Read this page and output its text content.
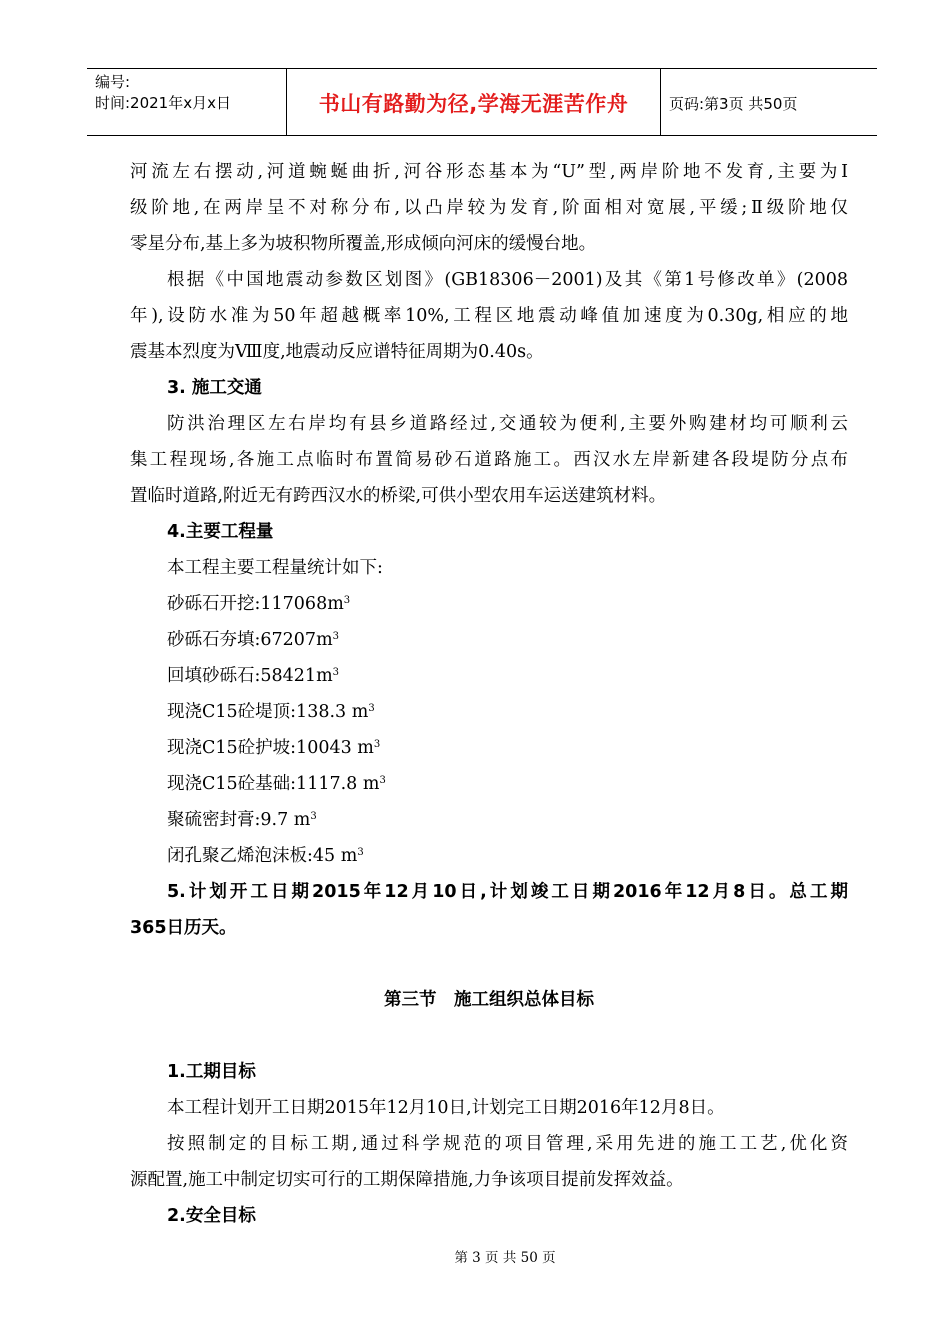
编号:
时间:2021年x月x日	书山有路勤为径,学海无涯苦作舟	页码:第3页 共50页
河流左右摆动,河道蜿蜒曲折,河谷形态基本为“U”型,两岸阶地不发育,主要为Ⅰ
级阶地,在两岸呈不对称分布,以凸岸较为发育,阶面相对宽展,平缓;Ⅱ级阶地仅
零星分布,基上多为坡积物所覆盖,形成倾向河床的缓慢台地。
根据《中国地震动参数区划图》(GB18306－2001)及其《第1号修改单》(2008
年),设防水准为50年超越概率10%,工程区地震动峰值加速度为0.30g,相应的地
震基本烈度为Ⅷ度,地震动反应谱特征周期为0.40s。
3. 施工交通
防洪治理区左右岸均有县乡道路经过,交通较为便利,主要外购建材均可顺利云
集工程现场,各施工点临时布置简易砂石道路施工。西汉水左岸新建各段堤防分点布
置临时道路,附近无有跨西汉水的桥梁,可供小型农用车运送建筑材料。
4.主要工程量
本工程主要工程量统计如下:
砂砾石开挖$:117068m^3$
砂砾石夯填$:67207m^3$
回填砂砾石$:58421m^3$
现浇C15砼堤顶:138.3 $m^3$
现浇C15砼护坡:10043 $m^3$
现浇C15砼基础:1117.8 $m^3$
聚硫密封膏:9.7 $m^3$
闭孔聚乙烯泡沫板:45 $m^3$
5.计划开工日期2015年12月10日,计划竣工日期2016年12月8日。总工期
365日历天。
第三节　施工组织总体目标
1.工期目标
本工程计划开工日期2015年12月10日,计划完工日期2016年12月8日。
按照制定的目标工期,通过科学规范的项目管理,采用先进的施工工艺,优化资
源配置,施工中制定切实可行的工期保障措施,力争该项目提前发挥效益。
2.安全目标
第 3 页 共 50 页
